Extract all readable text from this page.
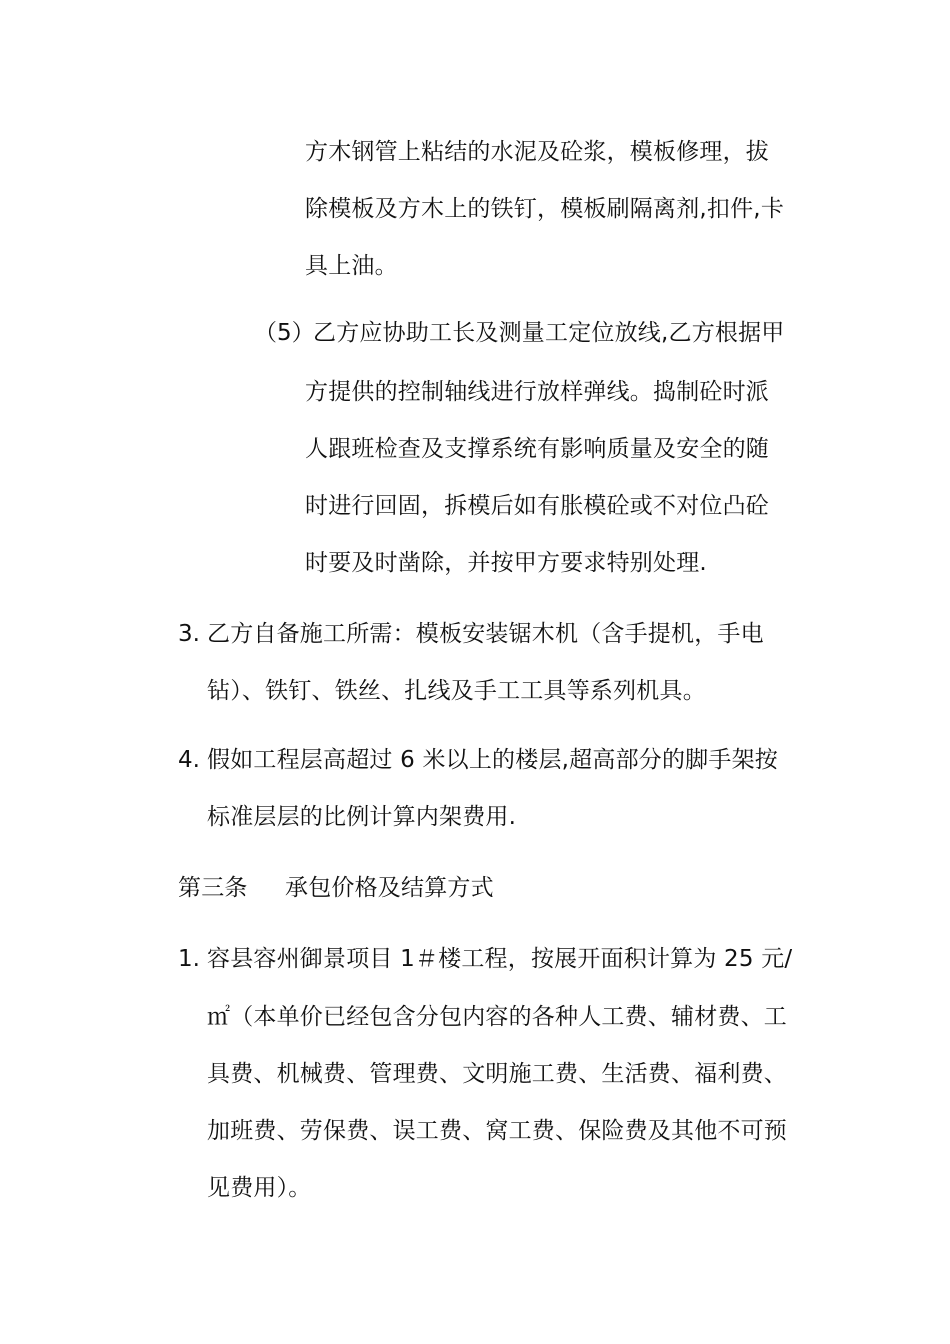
方木钢管上粘结的水泥及砼浆，模板修理，拔
除模板及方木上的铁钉，模板刷隔离剂,扣件,卡
具上油。
（5）
乙方应协助工长及测量工定位放线,乙方根据甲
方提供的控制轴线进行放样弹线。捣制砼时派
人跟班检查及支撑系统有影响质量及安全的随
时进行回固，拆模后如有胀模砼或不对位凸砼
时要及时凿除，并按甲方要求特别处理.
3. 乙方自备施工所需：模板安装锯木机（含手提机，手电
钻）、铁钉、铁丝、扎线及手工工具等系列机具。
4. 假如工程层高超过 6 米以上的楼层,超高部分的脚手架按
标准层层的比例计算内架费用.
第三条 承包价格及结算方式
1. 容县容州御景项目 1＃楼工程，按展开面积计算为 25 元/
㎡（本单价已经包含分包内容的各种人工费、辅材费、工
具费、机械费、管理费、文明施工费、生活费、福利费、
加班费、劳保费、误工费、窝工费、保险费及其他不可预
见费用）。
